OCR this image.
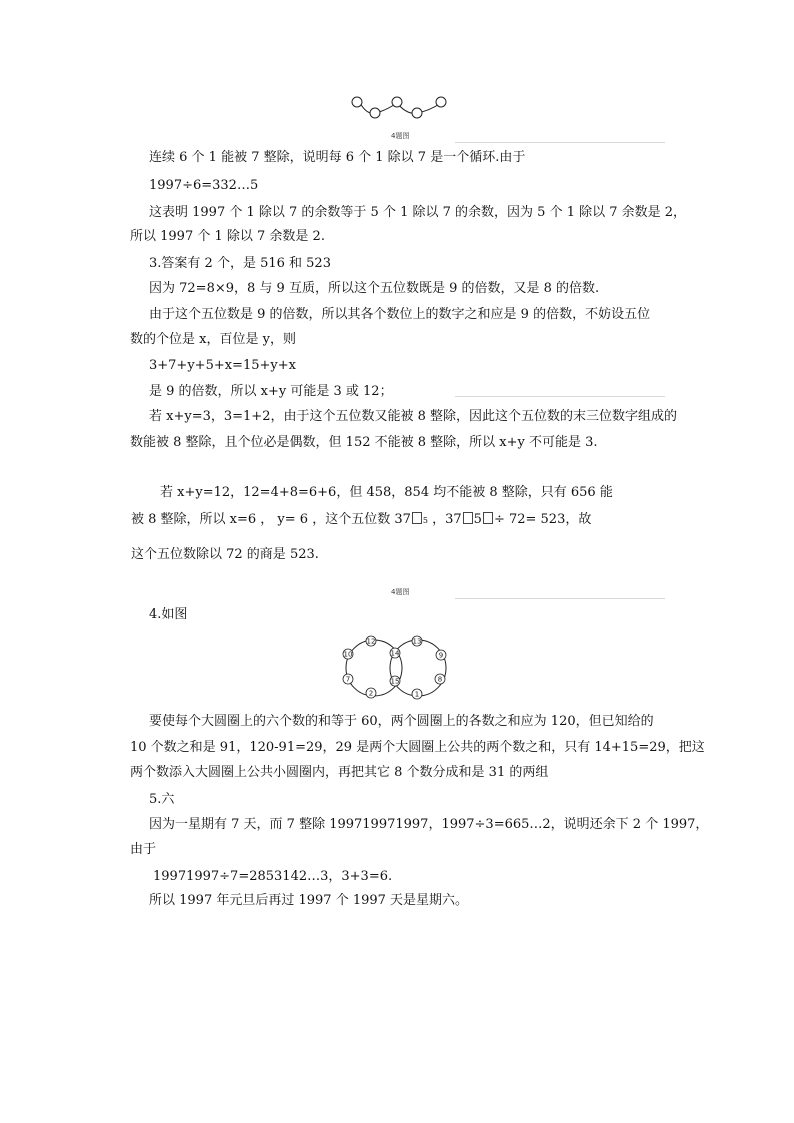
4题图
连续 6 个 1 能被 7 整除，说明每 6 个 1 除以 7 是一个循环.由于
1997÷6=332…5
这表明 1997 个 1 除以 7 的余数等于 5 个 1 除以 7 的余数，因为 5 个 1 除以 7 余数是 2，
所以 1997 个 1 除以 7 余数是 2.
3.答案有 2 个，是 516 和 523
因为 72=8×9，8 与 9 互质，所以这个五位数既是 9 的倍数，又是 8 的倍数.
由于这个五位数是 9 的倍数，所以其各个数位上的数字之和应是 9 的倍数，不妨设五位
数的个位是 x，百位是 y，则
3+7+y+5+x=15+y+x
是 9 的倍数，所以 x+y 可能是 3 或 12；
若 x+y=3，3=1+2，由于这个五位数又能被 8 整除，因此这个五位数的末三位数字组成的
数能被 8 整除，且个位必是偶数，但 152 不能被 8 整除，所以 x+y 不可能是 3.
若 x+y=12，12=4+8=6+6，但 458，854 均不能被 8 整除，只有 656 能
被 8 整除，所以 x=6 ， y= 6 ，这个五位数 37 5 ，37 5 ÷ 72= 523，故
这个五位数除以 72 的商是 523.
4题图
4.如图
12
10
7
2
14
15
13
9
8
1
要使每个大圆圈上的六个数的和等于 60，两个圆圈上的各数之和应为 120，但已知给的
10 个数之和是 91，120-91=29，29 是两个大圆圈上公共的两个数之和，只有 14+15=29，把这
两个数添入大圆圈上公共小圆圈内，再把其它 8 个数分成和是 31 的两组
5.六
因为一星期有 7 天，而 7 整除 199719971997，1997÷3=665…2，说明还余下 2 个 1997，
由于
19971997÷7=2853142…3，3+3=6.
所以 1997 年元旦后再过 1997 个 1997 天是星期六。
